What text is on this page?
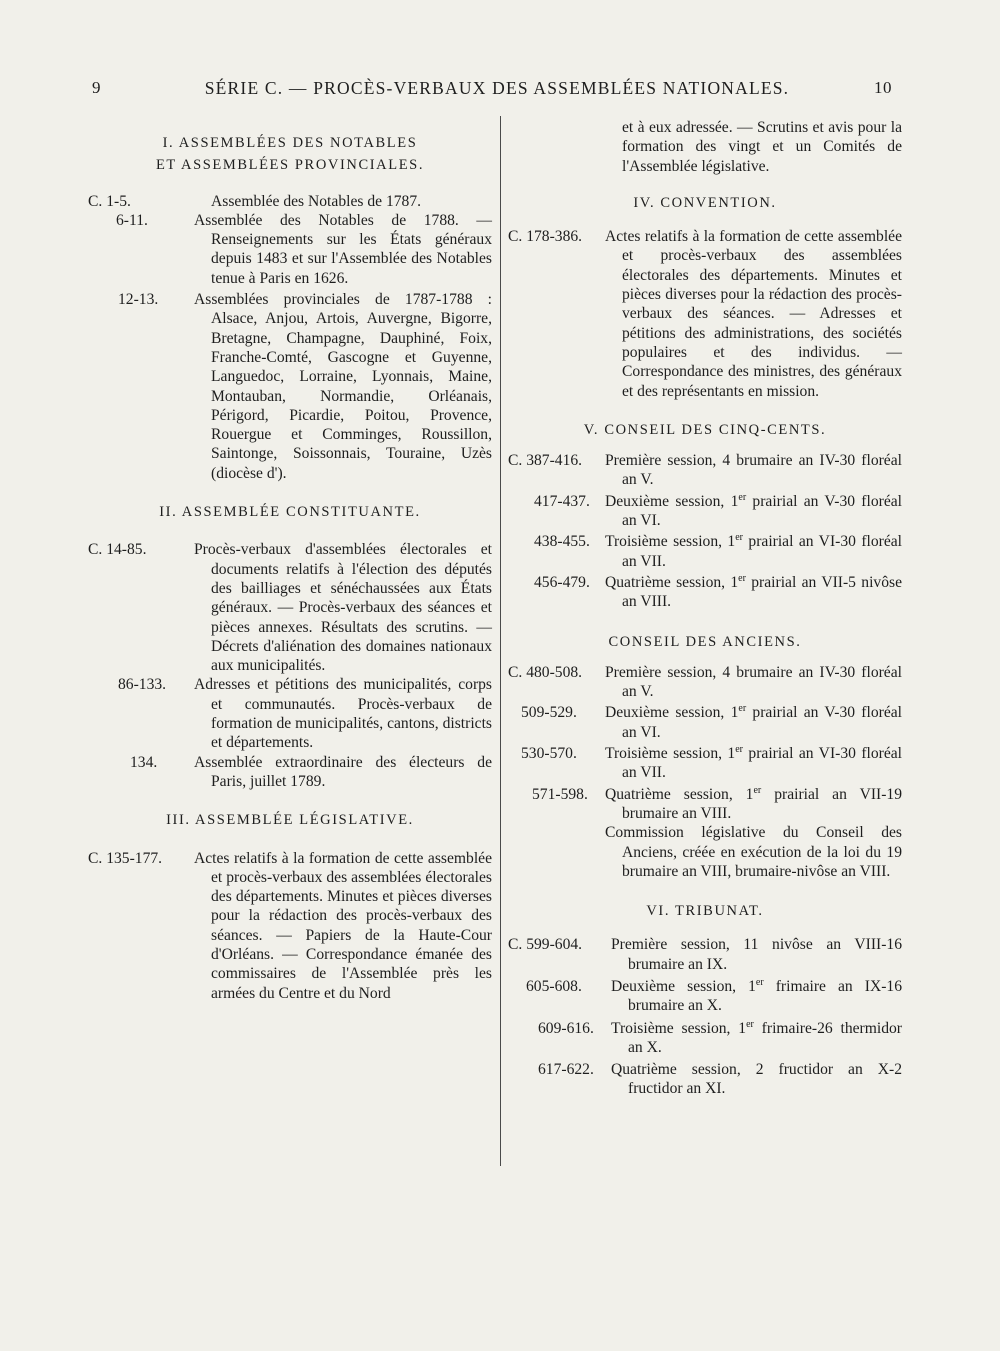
9	SÉRIE C. — PROCÈS-VERBAUX DES ASSEMBLÉES NATIONALES.	10
I. ASSEMBLÉES DES NOTABLES
ET ASSEMBLÉES PROVINCIALES.
C. 1-5.	Assemblée des Notables de 1787.
6-11.	Assemblée des Notables de 1788. — Renseignements sur les États généraux depuis 1483 et sur l'Assemblée des Notables tenue à Paris en 1626.
12-13. Assemblées provinciales de 1787-1788 : Alsace, Anjou, Artois, Auvergne, Bigorre, Bretagne, Champagne, Dauphiné, Foix, Franche-Comté, Gascogne et Guyenne, Languedoc, Lorraine, Lyonnais, Maine, Montauban, Normandie, Orléanais, Périgord, Picardie, Poitou, Provence, Rouergue et Comminges, Roussillon, Saintonge, Soissonnais, Touraine, Uzès (diocèse d').
II. ASSEMBLÉE CONSTITUANTE.
C. 14-85.	Procès-verbaux d'assemblées électorales et documents relatifs à l'élection des députés des bailliages et sénéchaussées aux États généraux. — Procès-verbaux des séances et pièces annexes. Résultats des scrutins. — Décrets d'aliénation des domaines nationaux aux municipalités.
86-133. Adresses et pétitions des municipalités, corps et communautés. Procès-verbaux de formation de municipalités, cantons, districts et départements.
134. Assemblée extraordinaire des électeurs de Paris, juillet 1789.
III. ASSEMBLÉE LÉGISLATIVE.
C. 135-177. Actes relatifs à la formation de cette assemblée et procès-verbaux des assemblées électorales des départements. Minutes et pièces diverses pour la rédaction des procès-verbaux des séances. — Papiers de la Haute-Cour d'Orléans. — Correspondance émanée des commissaires de l'Assemblée près les armées du Centre et du Nord
et à eux adressée. — Scrutins et avis pour la formation des vingt et un Comités de l'Assemblée législative.
IV. CONVENTION.
C. 178-386. Actes relatifs à la formation de cette assemblée et procès-verbaux des assemblées électorales des départements. Minutes et pièces diverses pour la rédaction des procès-verbaux des séances. — Adresses et pétitions des administrations, des sociétés populaires et des individus. — Correspondance des ministres, des généraux et des représentants en mission.
V. CONSEIL DES CINQ-CENTS.
C. 387-416. Première session, 4 brumaire an IV-30 floréal an V.
417-437. Deuxième session, 1er prairial an V-30 floréal an VI.
438-455. Troisième session, 1er prairial an VI-30 floréal an VII.
456-479. Quatrième session, 1er prairial an VII-5 nivôse an VIII.
CONSEIL DES ANCIENS.
C. 480-508. Première session, 4 brumaire an IV-30 floréal an V.
509-529. Deuxième session, 1er prairial an V-30 floréal an VI.
530-570. Troisième session, 1er prairial an VI-30 floréal an VII.
571-598. Quatrième session, 1er prairial an VII-19 brumaire an VIII.
Commission législative du Conseil des Anciens, créée en exécution de la loi du 19 brumaire an VIII, brumaire-nivôse an VIII.
VI. TRIBUNAT.
C. 599-604. Première session, 11 nivôse an VIII-16 brumaire an IX.
605-608. Deuxième session, 1er frimaire an IX-16 brumaire an X.
609-616. Troisième session, 1er frimaire-26 thermidor an X.
617-622. Quatrième session, 2 fructidor an X-2 fructidor an XI.
